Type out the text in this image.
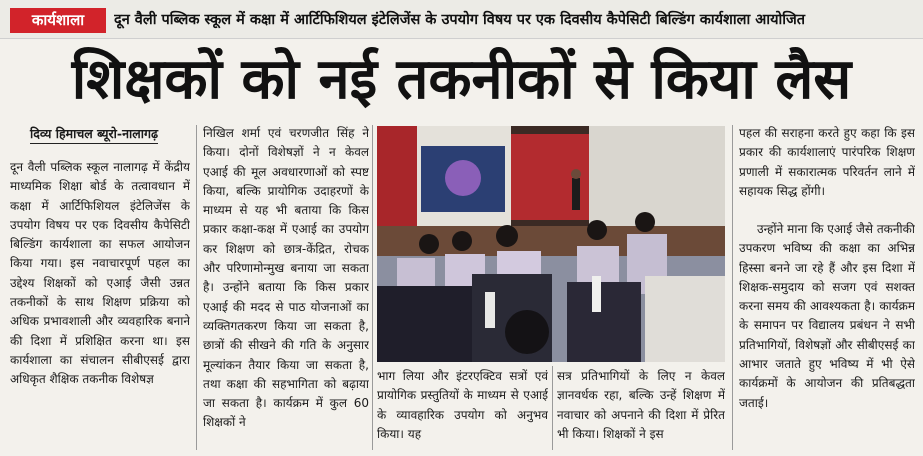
कार्यशाला	दून वैली पब्लिक स्कूल में कक्षा में आर्टिफिशियल इंटेलिजेंस के उपयोग विषय पर एक दिवसीय कैपेसिटी बिल्डिंग कार्यशाला आयोजित
शिक्षकों को नई तकनीकों से किया लैस
दिव्य हिमाचल ब्यूरो-नालागढ़
दून वैली पब्लिक स्कूल नालागढ़ में केंद्रीय माध्यमिक शिक्षा बोर्ड के तत्वावधान में कक्षा में आर्टिफिशियल इंटेलिजेंस के उपयोग विषय पर एक दिवसीय कैपेसिटी बिल्डिंग कार्यशाला का सफल आयोजन किया गया। इस नवाचारपूर्ण पहल का उद्देश्य शिक्षकों को एआई जैसी उन्नत तकनीकों के साथ शिक्षण प्रक्रिया को अधिक प्रभावशाली और व्यवहारिक बनाने की दिशा में प्रशिक्षित करना था। इस कार्यशाला का संचालन सीबीएसई द्वारा अधिकृत शैक्षिक तकनीक विशेषज्ञ
निखिल शर्मा एवं चरणजीत सिंह ने किया। दोनों विशेषज्ञों ने न केवल एआई की मूल अवधारणाओं को स्पष्ट किया, बल्कि प्रायोगिक उदाहरणों के माध्यम से यह भी बताया कि किस प्रकार कक्षा-कक्ष में एआई का उपयोग कर शिक्षण को छात्र-केंद्रित, रोचक और परिणामोन्मुख बनाया जा सकता है। उन्होंने बताया कि किस प्रकार एआई की मदद से पाठ योजनाओं का व्यक्तिगतकरण किया जा सकता है, छात्रों की सीखने की गति के अनुसार मूल्यांकन तैयार किया जा सकता है, तथा कक्षा की सहभागिता को बढ़ाया जा सकता है। कार्यक्रम में कुल 60 शिक्षकों ने
भाग लिया और इंटरएक्टिव सत्रों एवं प्रायोगिक प्रस्तुतियों के माध्यम से एआई के व्यावहारिक उपयोग को अनुभव किया। यह
सत्र प्रतिभागियों के लिए न केवल ज्ञानवर्धक रहा, बल्कि उन्हें शिक्षण में नवाचार को अपनाने की दिशा में प्रेरित भी किया। शिक्षकों ने इस
पहल की सराहना करते हुए कहा कि इस प्रकार की कार्यशालाएं पारंपरिक शिक्षण प्रणाली में सकारात्मक परिवर्तन लाने में सहायक सिद्ध होंगी।
उन्होंने माना कि एआई जैसे तकनीकी उपकरण भविष्य की कक्षा का अभिन्न हिस्सा बनने जा रहे हैं और इस दिशा में शिक्षक-समुदाय को सजग एवं सशक्त करना समय की आवश्यकता है। कार्यक्रम के समापन पर विद्यालय प्रबंधन ने सभी प्रतिभागियों, विशेषज्ञों और सीबीएसई का आभार जताते हुए भविष्य में भी ऐसे कार्यक्रमों के आयोजन की प्रतिबद्धता जताई।
